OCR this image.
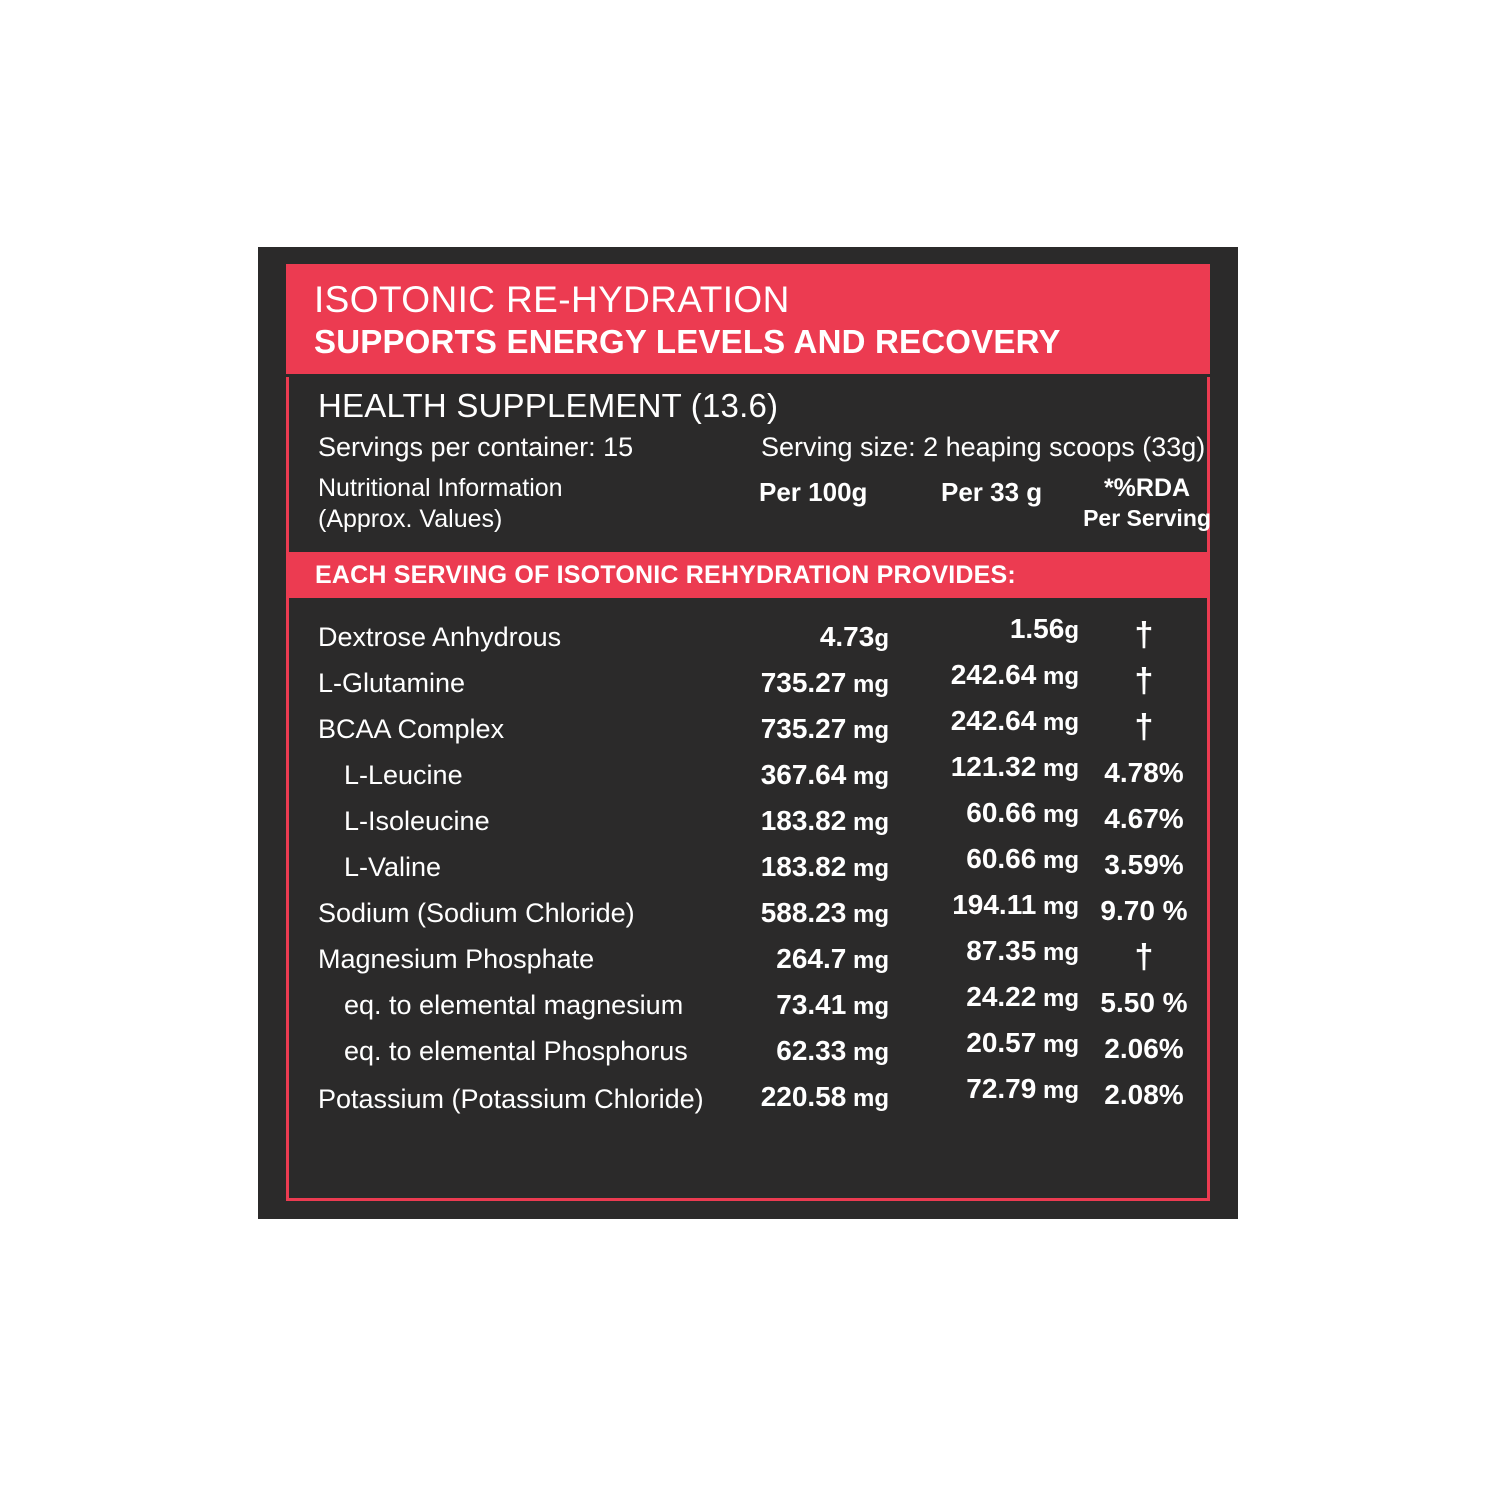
ISOTONIC RE-HYDRATION
SUPPORTS ENERGY LEVELS AND RECOVERY
HEALTH SUPPLEMENT (13.6)
Servings per container: 15	Serving size: 2 heaping scoops (33g)
Nutritional Information
(Approx. Values)
Per 100g	Per 33 g	*%RDA
Per Serving
EACH SERVING OF ISOTONIC REHYDRATION PROVIDES:
Dextrose Anhydrous	4.73g	1.56g	†
L-Glutamine	735.27 mg	242.64 mg	†
BCAA Complex	735.27 mg	242.64 mg	†
L-Leucine	367.64 mg	121.32 mg 4.78%
L-Isoleucine	183.82 mg	60.66 mg 4.67%
L-Valine	183.82 mg	60.66 mg 3.59%
Sodium (Sodium Chloride)	588.23 mg	194.11 mg 9.70 %
Magnesium Phosphate	264.7 mg	87.35 mg	†
eq. to elemental magnesium	73.41 mg	24.22 mg 5.50 %
eq. to elemental Phosphorus	62.33 mg	20.57 mg 2.06%
Potassium (Potassium Chloride)	220.58 mg	72.79 mg 2.08%
